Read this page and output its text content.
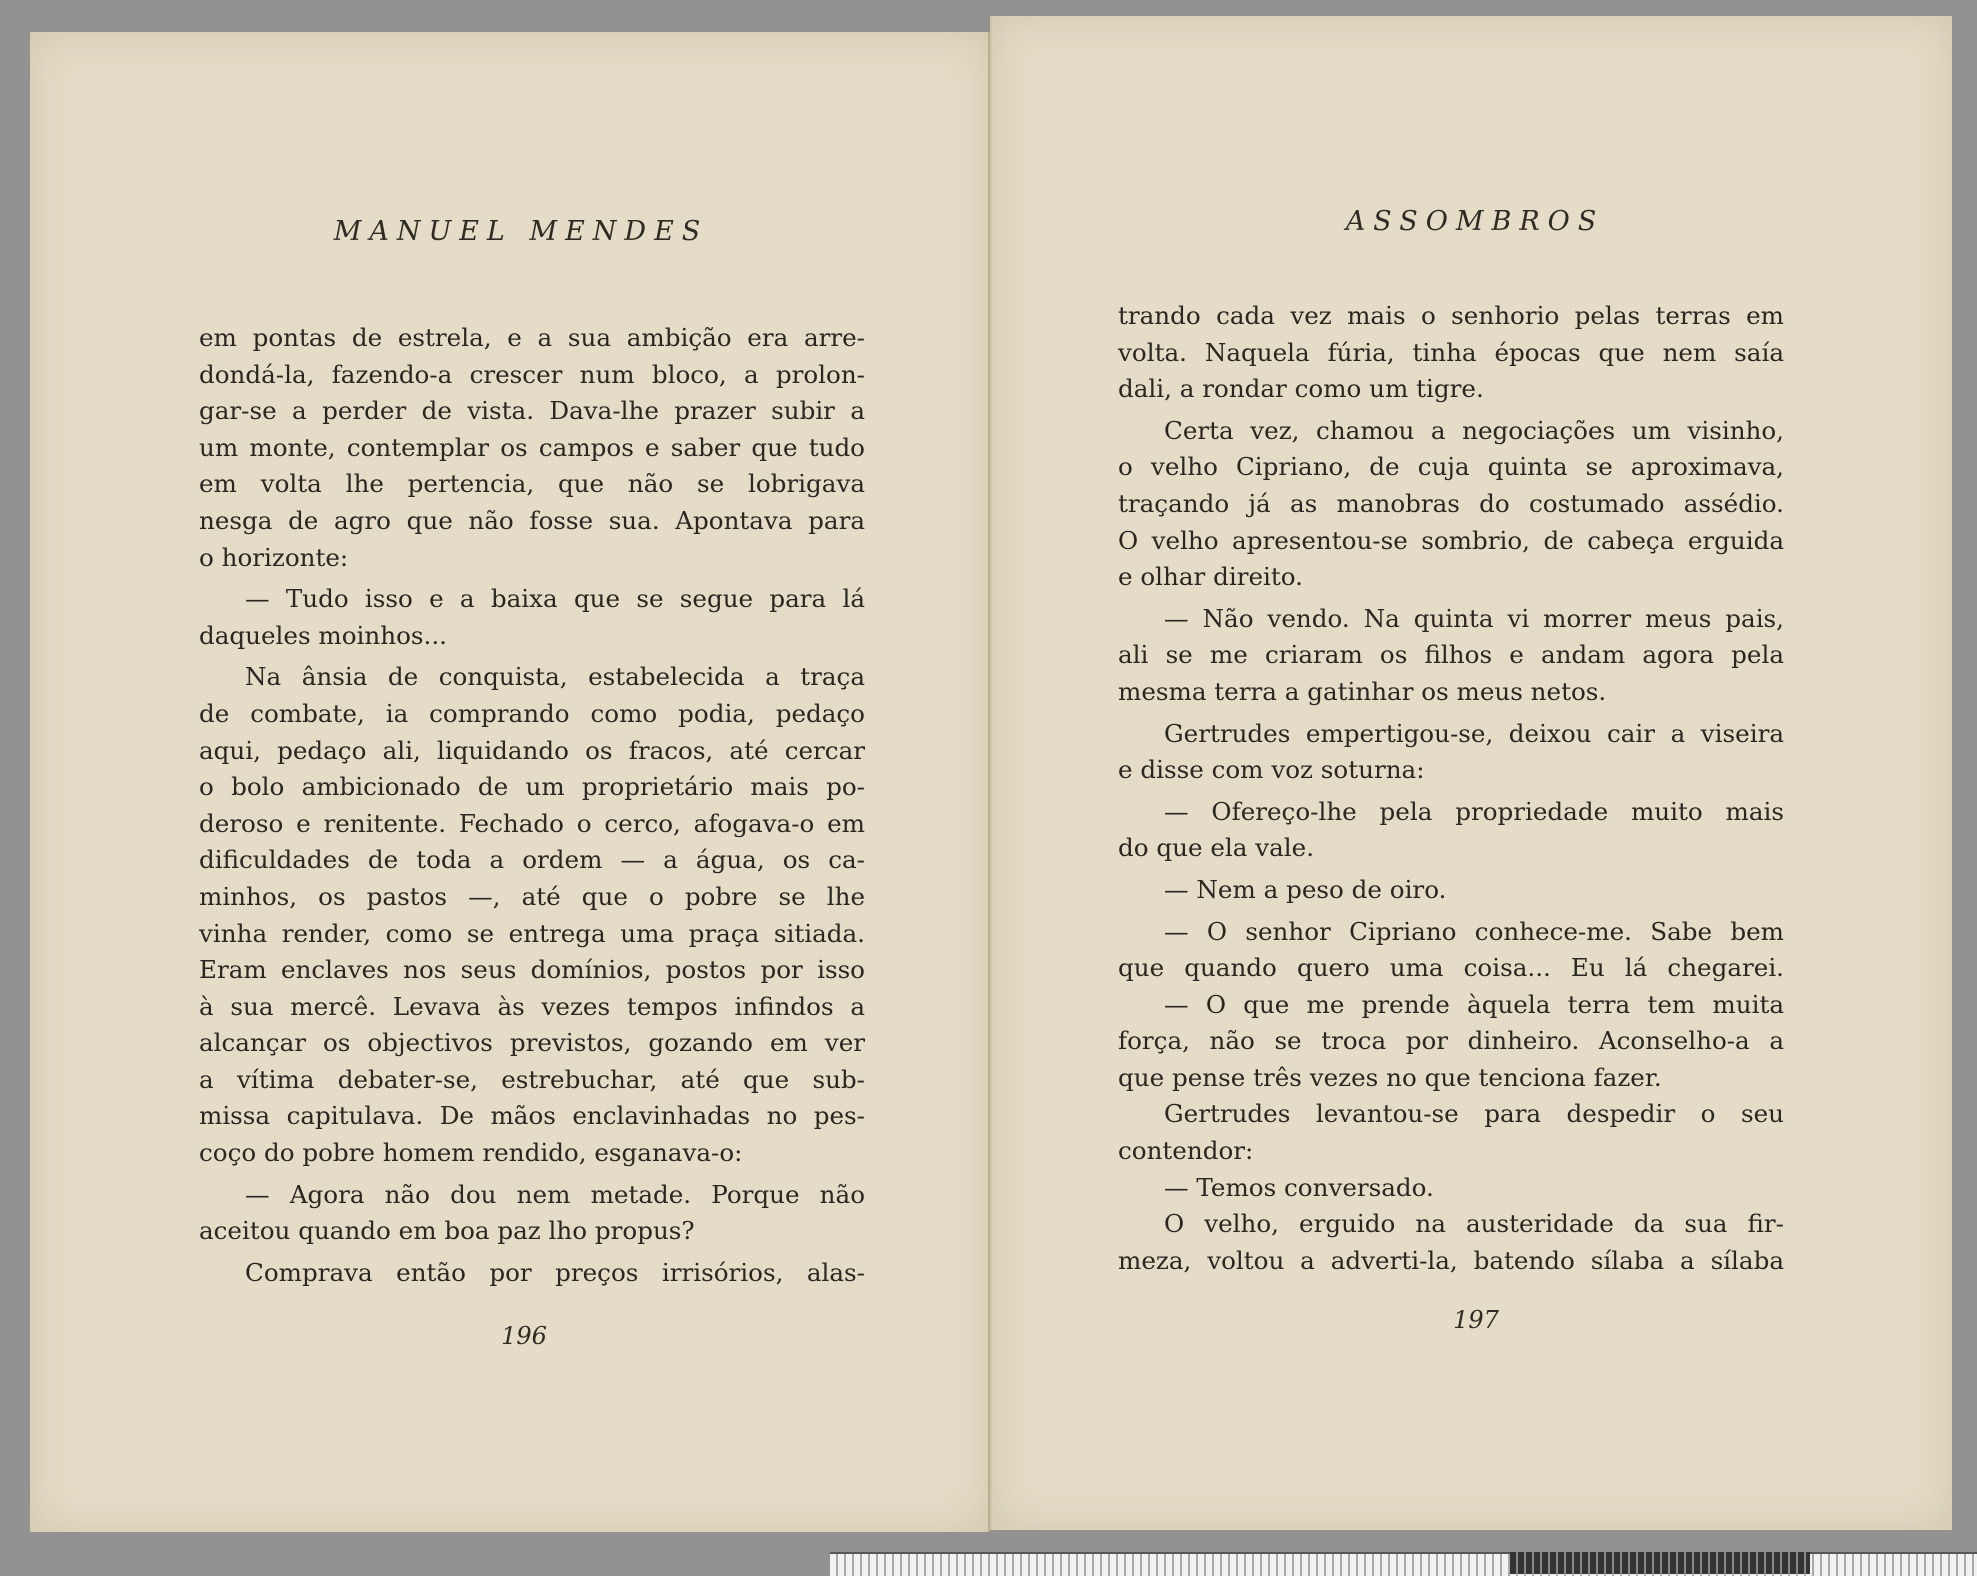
MANUEL MENDES
em pontas de estrela, e a sua ambição era arre-
dondá-la, fazendo-a crescer num bloco, a prolon-
gar-se a perder de vista. Dava-lhe prazer subir a
um monte, contemplar os campos e saber que tudo
em volta lhe pertencia, que não se lobrigava
nesga de agro que não fosse sua. Apontava para
o horizonte:
— Tudo isso e a baixa que se segue para lá
daqueles moinhos...
Na ânsia de conquista, estabelecida a traça
de combate, ia comprando como podia, pedaço
aqui, pedaço ali, liquidando os fracos, até cercar
o bolo ambicionado de um proprietário mais po-
deroso e renitente. Fechado o cerco, afogava-o em
dificuldades de toda a ordem — a água, os ca-
minhos, os pastos —, até que o pobre se lhe
vinha render, como se entrega uma praça sitiada.
Eram enclaves nos seus domínios, postos por isso
à sua mercê. Levava às vezes tempos infindos a
alcançar os objectivos previstos, gozando em ver
a vítima debater-se, estrebuchar, até que sub-
missa capitulava. De mãos enclavinhadas no pes-
coço do pobre homem rendido, esganava-o:
— Agora não dou nem metade. Porque não
aceitou quando em boa paz lho propus?
Comprava então por preços irrisórios, alas-
196
ASSOMBROS
trando cada vez mais o senhorio pelas terras em
volta. Naquela fúria, tinha épocas que nem saía
dali, a rondar como um tigre.
Certa vez, chamou a negociações um visinho,
o velho Cipriano, de cuja quinta se aproximava,
traçando já as manobras do costumado assédio.
O velho apresentou-se sombrio, de cabeça erguida
e olhar direito.
— Não vendo. Na quinta vi morrer meus pais,
ali se me criaram os filhos e andam agora pela
mesma terra a gatinhar os meus netos.
Gertrudes empertigou-se, deixou cair a viseira
e disse com voz soturna:
— Ofereço-lhe pela propriedade muito mais
do que ela vale.
— Nem a peso de oiro.
— O senhor Cipriano conhece-me. Sabe bem
que quando quero uma coisa... Eu lá chegarei.
— O que me prende àquela terra tem muita
força, não se troca por dinheiro. Aconselho-a a
que pense três vezes no que tenciona fazer.
Gertrudes levantou-se para despedir o seu
contendor:
— Temos conversado.
O velho, erguido na austeridade da sua fir-
meza, voltou a adverti-la, batendo sílaba a sílaba
197
